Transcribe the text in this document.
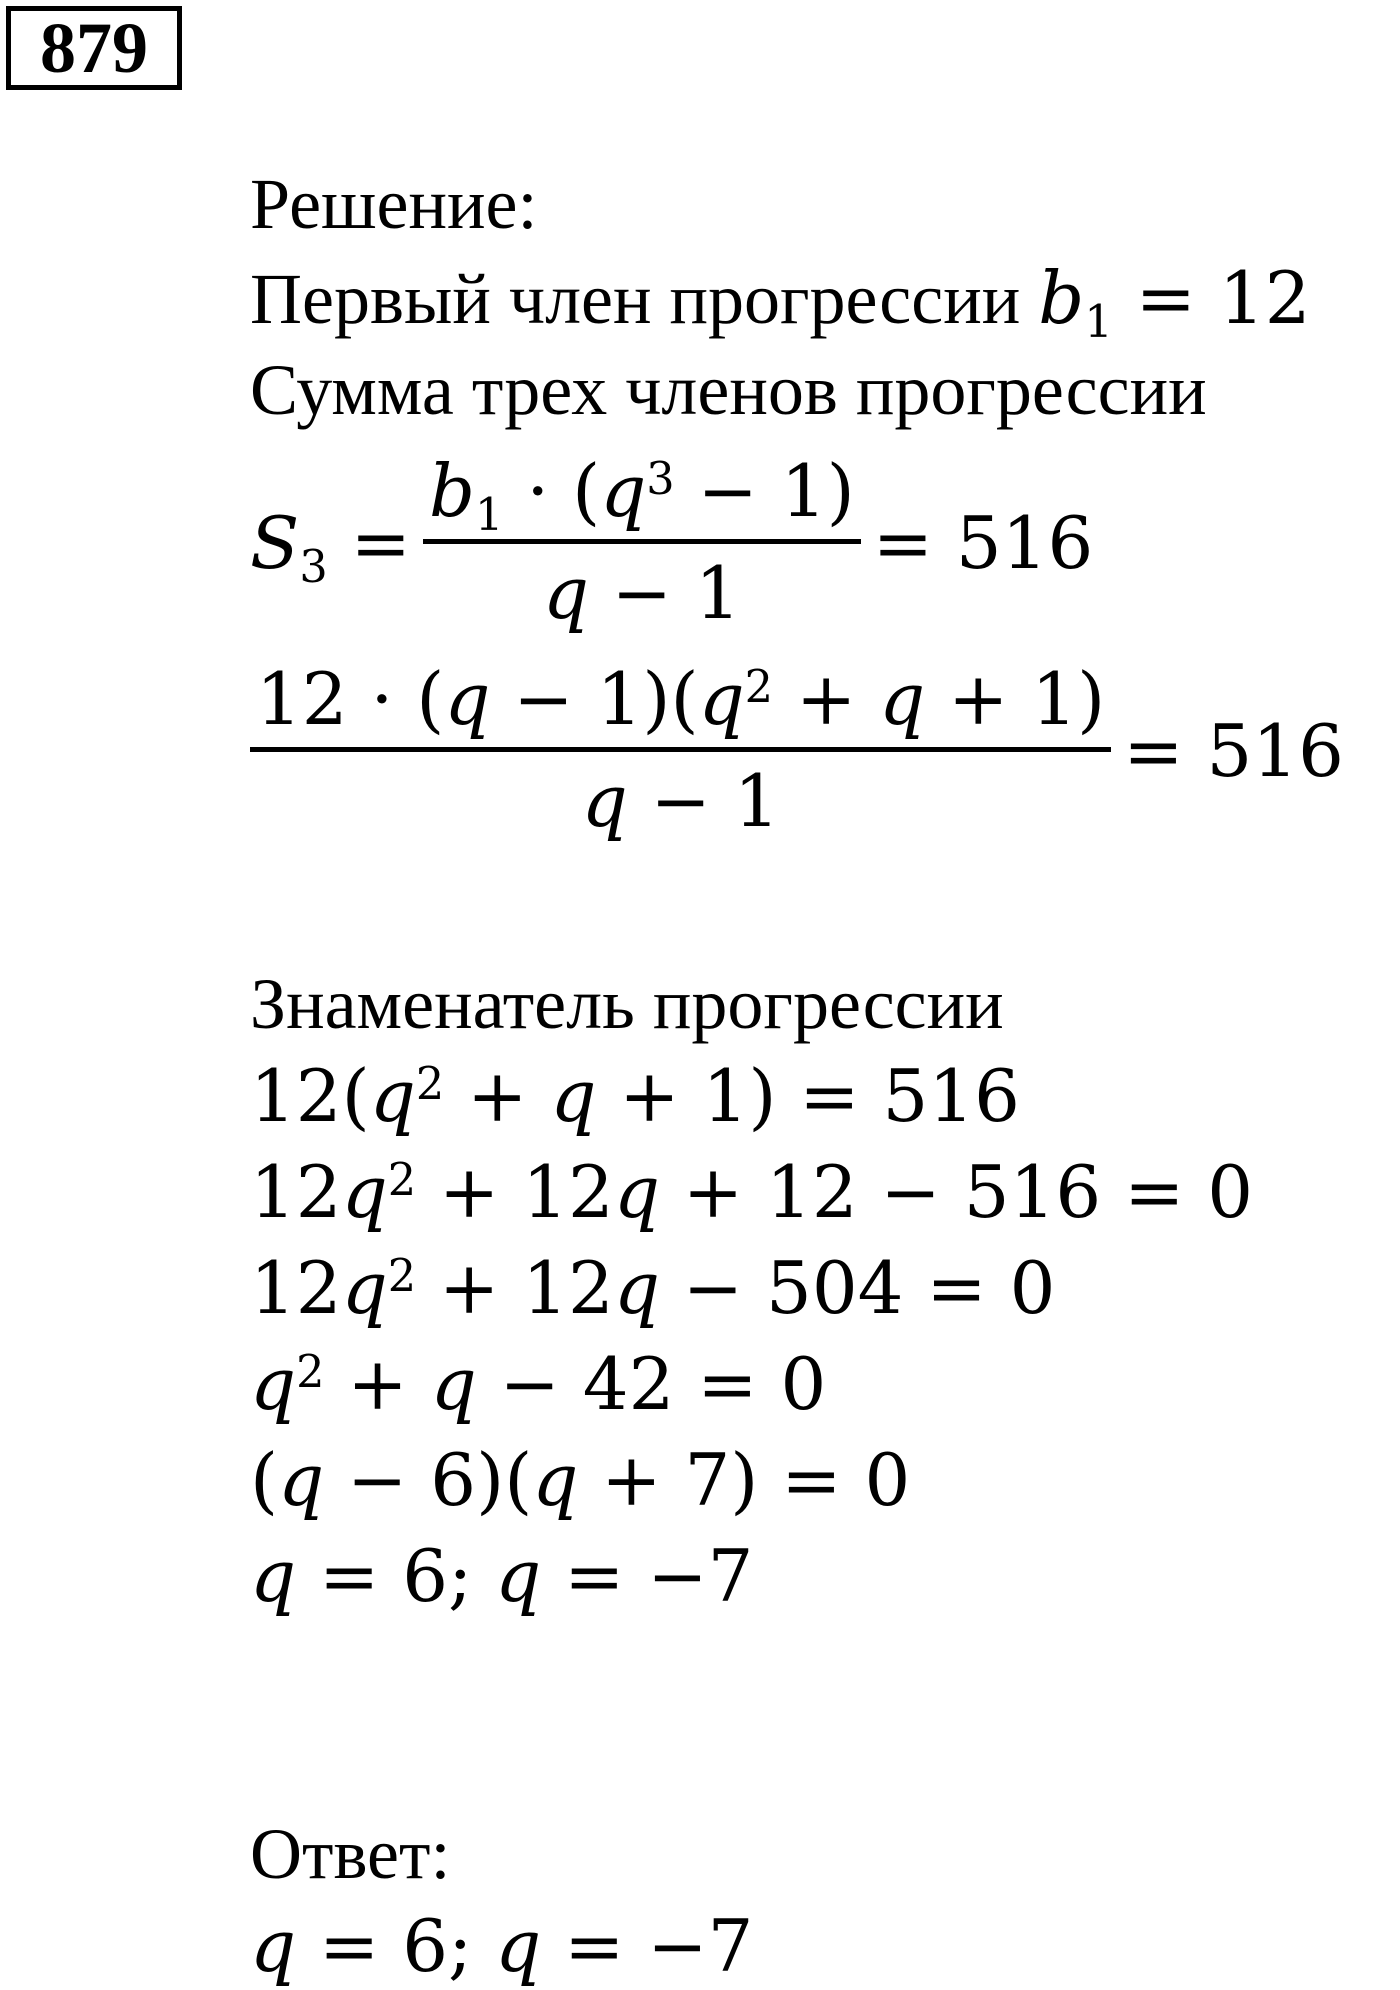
879
Решение:
Первый член прогрессии $b_1 = 12$
Сумма трех членов прогрессии
$S_3$ =
$b_1 \cdot (q^3 - 1)$
q − 1
= 516
$12 \cdot (q - 1)(q^2 + q + 1)$
q − 1
= 516
Знаменатель прогрессии
$12(q^2 + q + 1) = 516$
$12q^2 + 12q + 12 - 516 = 0$
$12q^2 + 12q - 504 = 0$
$q^2 + q - 42 = 0$
(q − 6)(q + 7) = 0
q = 6; q = −7
Ответ:
q = 6; q = −7
